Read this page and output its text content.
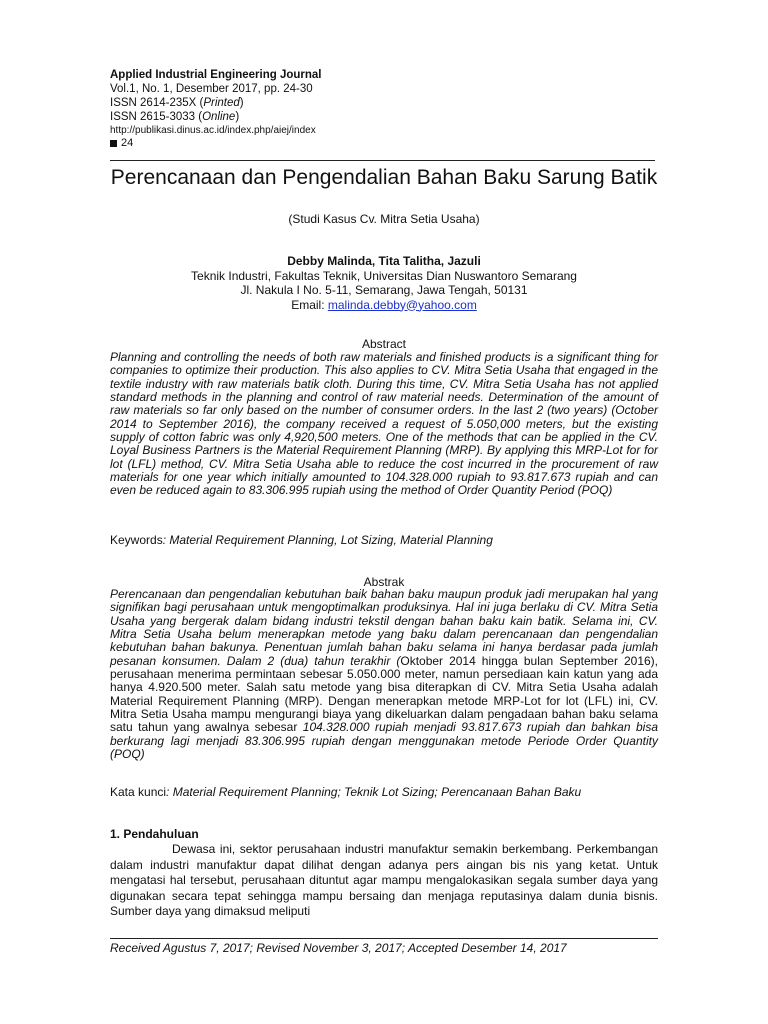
Applied Industrial Engineering Journal
Vol.1, No. 1, Desember 2017, pp. 24-30
ISSN 2614-235X (Printed)
ISSN 2615-3033 (Online)
http://publikasi.dinus.ac.id/index.php/aiej/index
24
Perencanaan dan Pengendalian Bahan Baku Sarung Batik
(Studi Kasus Cv. Mitra Setia Usaha)
Debby Malinda, Tita Talitha, Jazuli
Teknik Industri, Fakultas Teknik, Universitas Dian Nuswantoro Semarang
Jl. Nakula I No. 5-11, Semarang, Jawa Tengah, 50131
Email: malinda.debby@yahoo.com
Abstract
Planning and controlling the needs of both raw materials and finished products is a significant thing for companies to optimize their production. This also applies to CV. Mitra Setia Usaha that engaged in the textile industry with raw materials batik cloth. During this time, CV. Mitra Setia Usaha has not applied standard methods in the planning and control of raw material needs. Determination of the amount of raw materials so far only based on the number of consumer orders. In the last 2 (two years) (October 2014 to September 2016), the company received a request of 5.050,000 meters, but the existing supply of cotton fabric was only 4,920,500 meters. One of the methods that can be applied in the CV. Loyal Business Partners is the Material Requirement Planning (MRP). By applying this MRP-Lot for for lot (LFL) method, CV. Mitra Setia Usaha able to reduce the cost incurred in the procurement of raw materials for one year which initially amounted to 104.328.000 rupiah to 93.817.673 rupiah and can even be reduced again to 83.306.995 rupiah using the method of Order Quantity Period (POQ)
Keywords: Material Requirement Planning, Lot Sizing, Material Planning
Abstrak
Perencanaan dan pengendalian kebutuhan baik bahan baku maupun produk jadi merupakan hal yang signifikan bagi perusahaan untuk mengoptimalkan produksinya. Hal ini juga berlaku di CV. Mitra Setia Usaha yang bergerak dalam bidang industri tekstil dengan bahan baku kain batik. Selama ini, CV. Mitra Setia Usaha belum menerapkan metode yang baku dalam perencanaan dan pengendalian kebutuhan bahan bakunya. Penentuan jumlah bahan baku selama ini hanya berdasar pada jumlah pesanan konsumen. Dalam 2 (dua) tahun terakhir (Oktober 2014 hingga bulan September 2016), perusahaan menerima permintaan sebesar 5.050.000 meter, namun persediaan kain katun yang ada hanya 4.920.500 meter. Salah satu metode yang bisa diterapkan di CV. Mitra Setia Usaha adalah Material Requirement Planning (MRP). Dengan menerapkan metode MRP-Lot for lot (LFL) ini, CV. Mitra Setia Usaha mampu mengurangi biaya yang dikeluarkan dalam pengadaan bahan baku selama satu tahun yang awalnya sebesar 104.328.000 rupiah menjadi 93.817.673 rupiah dan bahkan bisa berkurang lagi menjadi 83.306.995 rupiah dengan menggunakan metode Periode Order Quantity (POQ)
Kata kunci: Material Requirement Planning; Teknik Lot Sizing; Perencanaan Bahan Baku
1. Pendahuluan
Dewasa ini, sektor perusahaan industri manufaktur semakin berkembang. Perkembangan dalam industri manufaktur dapat dilihat dengan adanya pers aingan bis nis yang ketat. Untuk mengatasi hal tersebut, perusahaan dituntut agar mampu mengalokasikan segala sumber daya yang digunakan secara tepat sehingga mampu bersaing dan menjaga reputasinya dalam dunia bisnis. Sumber daya yang dimaksud meliputi
Received Agustus 7, 2017; Revised November 3, 2017; Accepted Desember 14, 2017
